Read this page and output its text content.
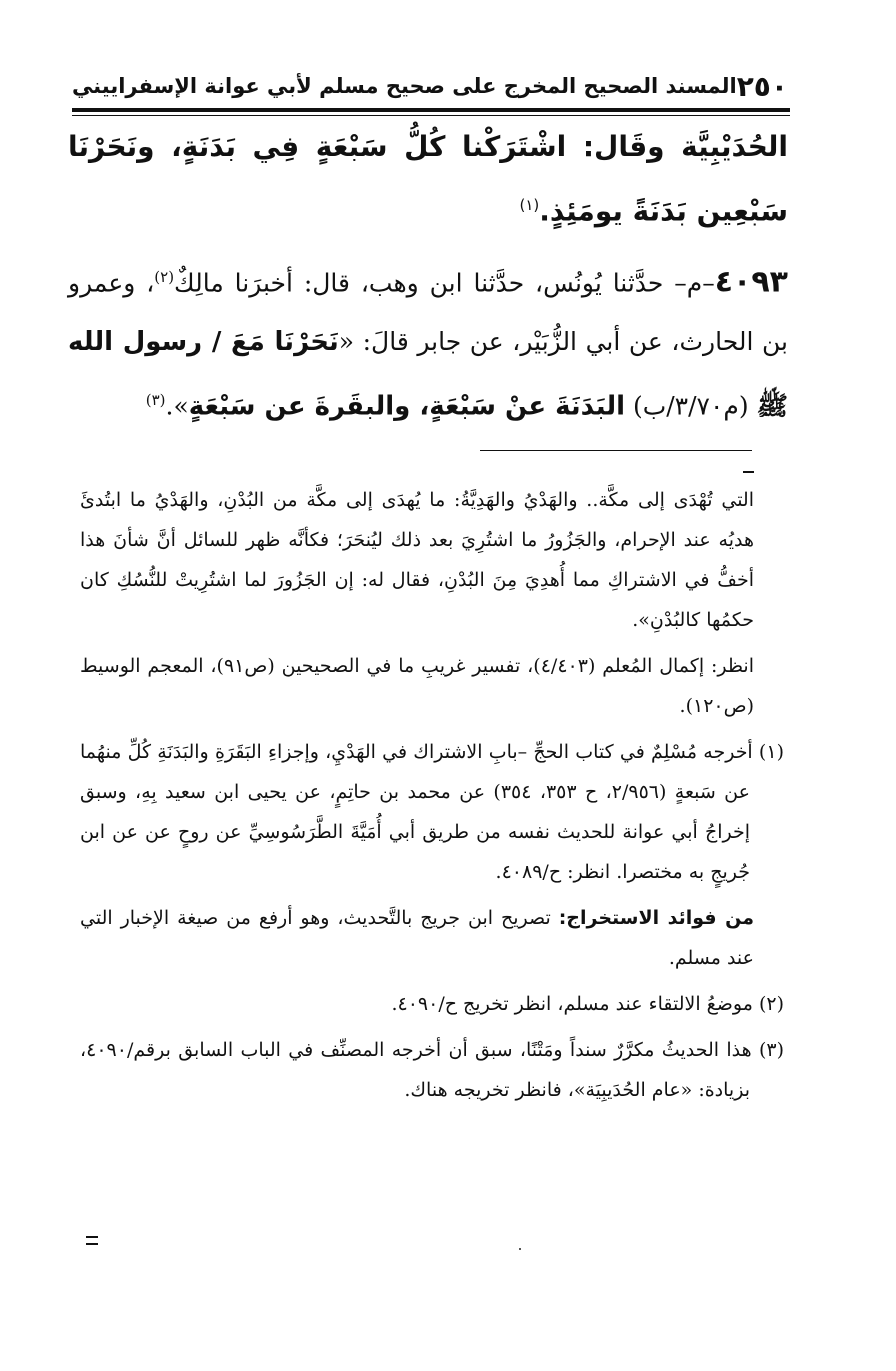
٢٥٠
المسند الصحيح المخرج على صحيح مسلم لأبي عوانة الإسفراييني

الحُدَيْبِيَّة وقَال: اشْتَرَكْنا كُلُّ سَبْعَةٍ فِي بَدَنَةٍ، ونَحَرْنَا سَبْعِين بَدَنَةً يومَئِذٍ.$^{(١)}$

٤٠٩٣–م– حدَّثنا يُونُس، حدَّثنا ابن وهب، قال: أخبرَنا مالِكٌ$^{(٢)}$، وعمرو بن الحارث، عن أبي الزُّبَيْر، عن جابر قالَ: «نَحَرْنَا مَعَ / رسول الله ﷺ (م٣/٧٠/ب) البَدَنَةَ عنْ سَبْعَةٍ، والبقَرةَ عن سَبْعَةٍ».$^{(٣)}$

التي تُهْدَى إلى مكَّة.. والهَدْيُ والهَدِيَّةُ: ما يُهدَى إلى مكَّة من البُدْنِ، والهَدْيُ ما ابتُدئَ هديُه عند الإحرام، والجَزُورُ ما اشتُرِيَ بعد ذلك ليُنحَرَ؛ فكأنَّه ظهر للسائل أنَّ شأنَ هذا أخفُّ في الاشتراكِ مما أُهدِيَ مِنَ البُدْنِ، فقال له: إن الجَزُورَ لما اشتُرِيتْ للنُّسُكِ كان حكمُها كالبُدْنِ».

انظر: إكمال المُعلم (٤/٤٠٣)، تفسير غريبِ ما في الصحيحين (ص٩١)، المعجم الوسيط (ص١٢٠).

(١) أخرجه مُسْلِمٌ في كتاب الحجِّ –بابِ الاشتراك في الهَدْيِ، وإجزاءِ البَقَرَةِ والبَدَنَةِ كُلِّ منهُما عن سَبعةٍ (٢/٩٥٦، ح ٣٥٣، ٣٥٤) عن محمد بن حاتِمٍ، عن يحيى ابن سعيد بِهِ، وسبق إخراجُ أبي عوانة للحديث نفسه من طريق أبي أُمَيَّةَ الطَّرَسُوسِيِّ عن روحٍ عن عن ابن جُريجٍ به مختصرا. انظر: ح/٤٠٨٩.

من فوائد الاستخراج: تصريح ابن جريج بالتَّحديث، وهو أرفع من صيغة الإخبار التي عند مسلم.

(٢) موضعُ الالتقاء عند مسلم، انظر تخريج ح/٤٠٩٠.

(٣) هذا الحديثُ مكرَّرٌ سنداً ومَتْنًا، سبق أن أخرجه المصنِّف في الباب السابق برقم/٤٠٩٠، بزيادة: «عام الحُدَيبِيَة»، فانظر تخريجه هناك.
